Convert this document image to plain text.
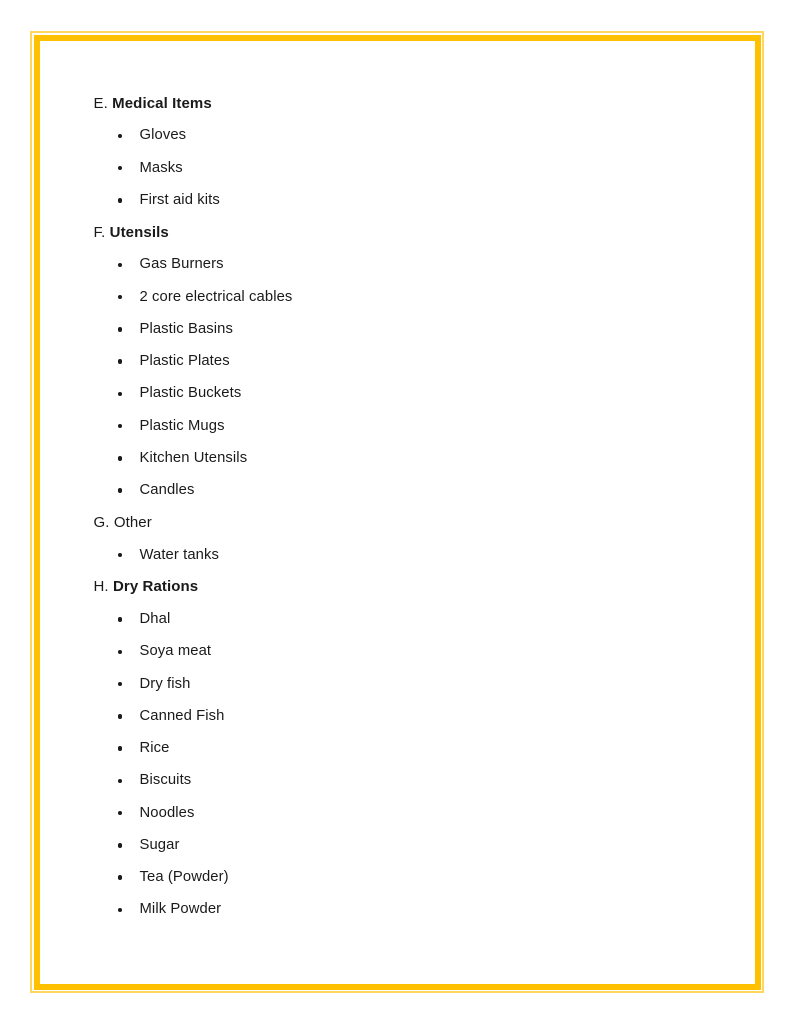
E. Medical Items
Gloves
Masks
First aid kits
F. Utensils
Gas Burners
2 core electrical cables
Plastic Basins
Plastic Plates
Plastic Buckets
Plastic Mugs
Kitchen Utensils
Candles
G. Other
Water tanks
H. Dry Rations
Dhal
Soya meat
Dry fish
Canned Fish
Rice
Biscuits
Noodles
Sugar
Tea (Powder)
Milk Powder
